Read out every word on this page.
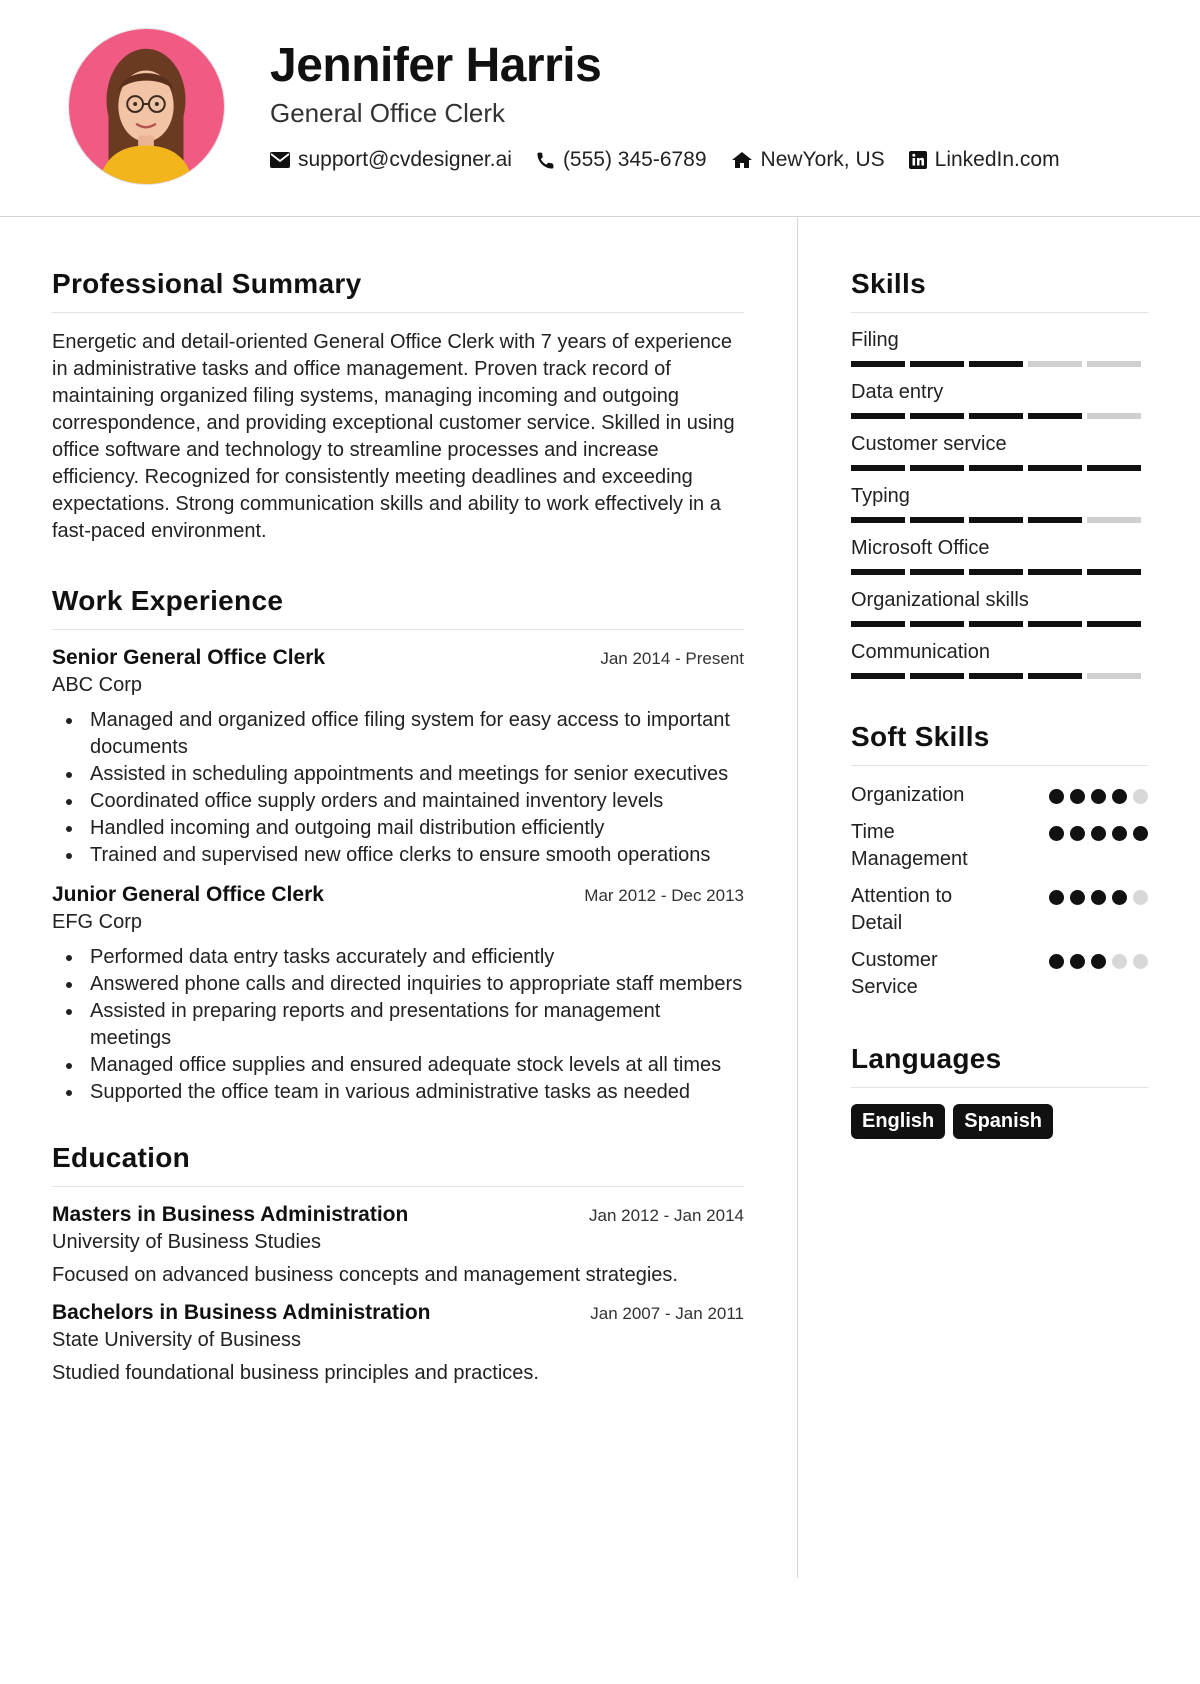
Jennifer Harris
General Office Clerk
support@cvdesigner.ai (555) 345-6789	NewYork, US LinkedIn.com
Professional Summary

Energetic and detail-oriented General Office Clerk with 7 years of experience in administrative tasks and office management. Proven track record of maintaining organized filing systems, managing incoming and outgoing correspondence, and providing exceptional customer service. Skilled in using office software and technology to streamline processes and increase efficiency. Recognized for consistently meeting deadlines and exceeding expectations. Strong communication skills and ability to work effectively in a fast-paced environment.

Work Experience
Senior General Office Clerk	Jan 2014 - Present
ABC Corp
Managed and organized office filing system for easy access to important documents
Assisted in scheduling appointments and meetings for senior executives
Coordinated office supply orders and maintained inventory levels
Handled incoming and outgoing mail distribution efficiently
Trained and supervised new office clerks to ensure smooth operations
Junior General Office Clerk	Mar 2012 - Dec 2013
EFG Corp
Performed data entry tasks accurately and efficiently
Answered phone calls and directed inquiries to appropriate staff members
Assisted in preparing reports and presentations for management meetings
Managed office supplies and ensured adequate stock levels at all times
Supported the office team in various administrative tasks as needed
Education
Masters in Business Administration	Jan 2012 - Jan 2014
University of Business Studies
Focused on advanced business concepts and management strategies.
Bachelors in Business Administration	Jan 2007 - Jan 2011
State University of Business
Studied foundational business principles and practices.
Skills
Filing
Data entry
Customer service
Typing
Microsoft Office
Organizational skills
Communication
Soft Skills
Organization
Time Management
Attention to Detail
Customer Service
Languages
English	Spanish
